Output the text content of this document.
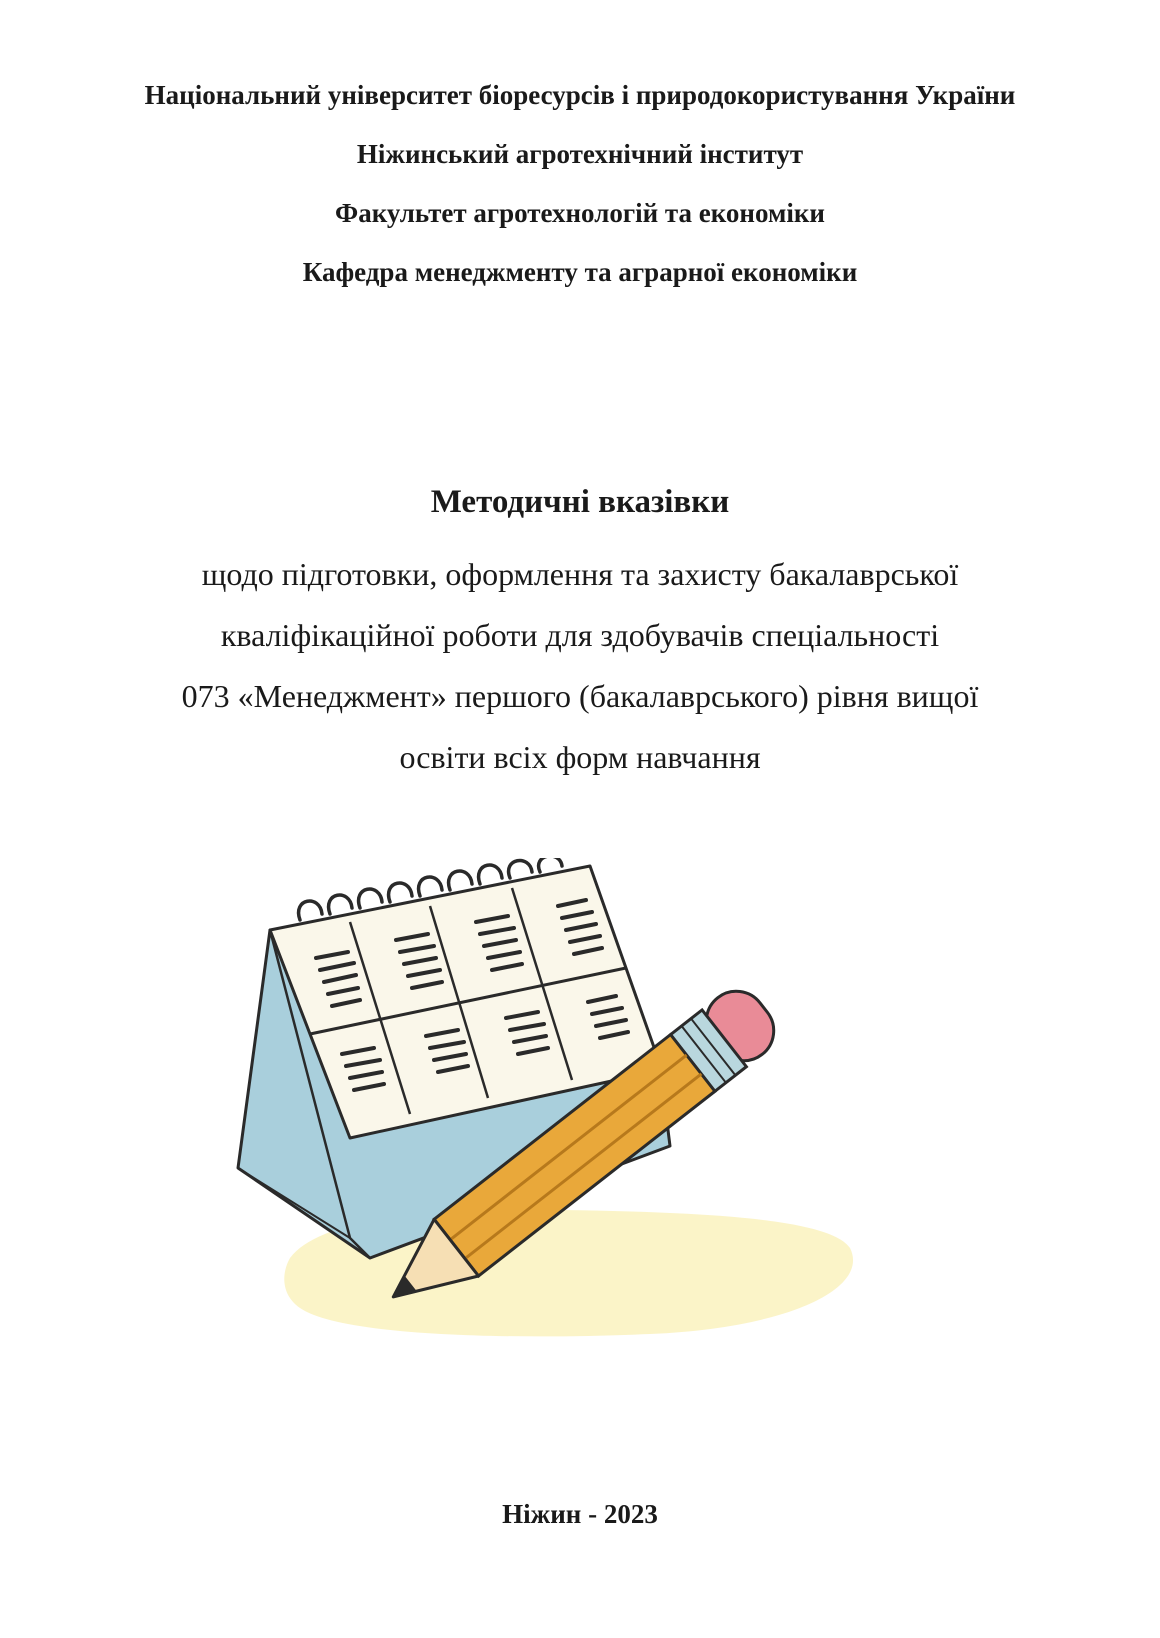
Національний університет біоресурсів і природокористування України
Ніжинський агротехнічний інститут
Факультет агротехнологій та економіки
Кафедра менеджменту та аграрної економіки
Методичні вказівки
щодо підготовки, оформлення та захисту бакалаврської
кваліфікаційної роботи для здобувачів спеціальності
073 «Менеджмент» першого (бакалаврського) рівня вищої
освіти всіх форм навчання
Ніжин - 2023
